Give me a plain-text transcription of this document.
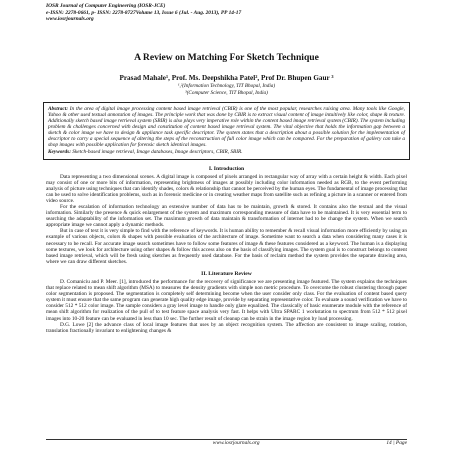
IOSR Journal of Computer Engineering (IOSR-JCE)
e-ISSN: 2278-0661, p- ISSN: 2278-8727Volume 13, Issue 6 (Jul. - Aug. 2013), PP 14-17
www.iosrjournals.org
A Review on Matching For Sketch Technique
Prasad Mahale¹, Prof. Ms. Deepshikha Patel², Prof Dr. Bhupen Gaur ³
¹,²(Information Technology, TIT Bhopal, India)
³(Computer Science, TIT Bhopal, India)
Abstract: In the area of digital image processing content based image retrieval (CBIR) is one of the most popular, researches raising area. Many tools like Google, Yahoo & other used textual annotation of images. The principle work that was done by CBIR is to extract visual content of image intuitively like color, shape & texture. Additionally sketch based image retrieval system (SBIR) is also plays very imperative role within the content based image retrieval system (CBIR). The system including problem & challenges concerned with design and constitution of content based image retrieval system. The vital objective that holds the information gap between a sketch & color image we have to design & appliance task specific descriptor. The system states that a description about a possible solution for the implementation of descriptor to carry a special sequence of altering the steps of the reconstruction of full color image which can be compared. For the preparation of gallery can take a shop images with possible application for forensic sketch identical images.
Keywords: Sketch-based image retrieval, Image databases, Image descriptors, CBIR, SBIR.
I. Introduction

Data representing a two dimensional scenes. A digital image is composed of pixels arranged in rectangular way of array with a certain height & width. Each pixel may consist of one or more bits of information, representing brightness of images at possibly including color information needed as RGB, to the event performing analysis of picture using techniques that can identify shades, colors & relationship that cannot be perceived by the human eyes. The fundamental of image processing that can be used to solve identification problems, such as in forensic medicine or in creating weather maps from satellite such as refining a picture in a scanner or entered from video source.

For the escalation of information technology an extensive number of data has to be maintain, growth & stored. It contains also the textual and the visual information. Similarly the presence & quick enlargement of the system and maximum corresponding measure of data have to be maintained. It is very essential term to searching the adaptability of the information set. The maximum growth of data maintain & transformation of internet had to be change the system. When we search appropriate image we cannot apply a dynamic methods.

But in case of text it is very simple to find with the reference of keywords. It is human ability to remember & recall visual information more efficiently by using an example of various objects, colors & shapes with possible evaluation of the architecture of image. Sometime want to search a data when considering many cases it is necessary to be recall. For accurate image search sometimes have to follow some features of image & these features considered as a keyword. The human is a displaying some textures, we look for architecture using other shapes & follow this access also on the basis of classifying images. The system goal is to construct belongs to content based image retrieval, which will be fresh using sketches as frequently used database. For the basis of reclaim method the system provides the separate drawing area, where we can draw different sketches.

II. Literature Review

D. Comaniciu and P. Meer. [1], introduced the performance for the recovery of significance we are presenting image featured. The system explains the techniques that replace related to mean shift algorithm (MSA) to measures the density gradients with simple non metric procedure. To overcome the robust clustering through paper color segmentation is proposed. The segmentation is completely self determining become when the user consider only class. For the evaluation of content based query system it must ensure that the same program can generate high quality edge image, provide by separating representative color. To evaluate a sound verification we have to consider 512 * 512 color image. The sample considers a gray level image to handle only glare equalized. The classically of basic enumerate module with the reference of mean shift algorithm for realization of the pull of to test feature space analysis very fast. It helps with Ultra SPARC 1 workstation to spectrum from 512 * 512 pixel images into 10-20 feature can be evaluated in less than 10 sec. The further result of cleanup can be strain in the image region by load processing.

D.G. Lowe [2] the advance class of local image features that uses by an object recognition system. The affection are consistent to image scaling, rotation, translation fractionally invariant to enlightening changes &

www.iosrjournals.org	14 | Page
